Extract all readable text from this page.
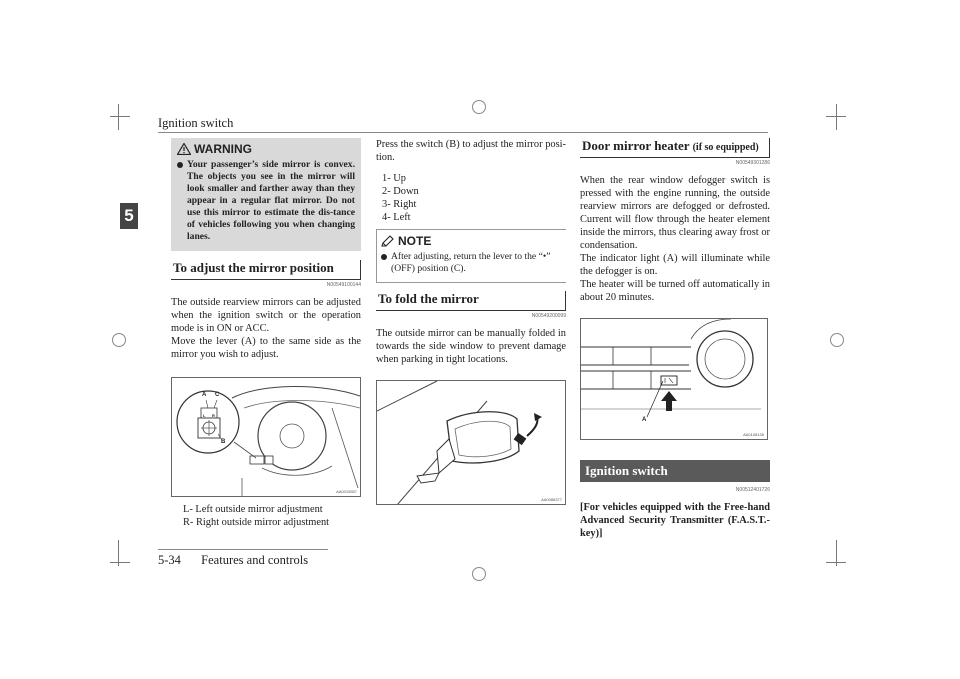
Ignition switch
5
5-34 Features and controls
WARNING
Your passenger’s side mirror is convex. The objects you see in the mirror will look smaller and farther away than they appear in a regular flat mirror. Do not use this mirror to estimate the dis-tance of vehicles following you when changing lanes.
To adjust the mirror position
N00549100144

The outside rearview mirrors can be adjusted when the ignition switch or the operation mode is in ON or ACC.

Move the lever (A) to the same side as the mirror you wish to adjust.

A C
L R
B
AA0015557
L- Left outside mirror adjustment
R- Right outside mirror adjustment

Press the switch (B) to adjust the mirror posi-tion.

1- Up
2- Down
3- Right
4- Left
NOTE
After adjusting, return the lever to the “•” (OFF) position (C).
To fold the mirror
N00549200099

The outside mirror can be manually folded in towards the side window to prevent damage when parking in tight locations.

AA0088377
Door mirror heater (if so equipped)
N00549301286

When the rear window defogger switch is pressed with the engine running, the outside rearview mirrors are defogged or defrosted. Current will flow through the heater element inside the mirrors, thus clearing away frost or condensation.

The indicator light (A) will illuminate while the defogger is on.

The heater will be turned off automatically in about 20 minutes.

A
AA0108135
Ignition switch
N00512401726

[For vehicles equipped with the Free-hand Advanced Security Transmitter (F.A.S.T.-key)]
